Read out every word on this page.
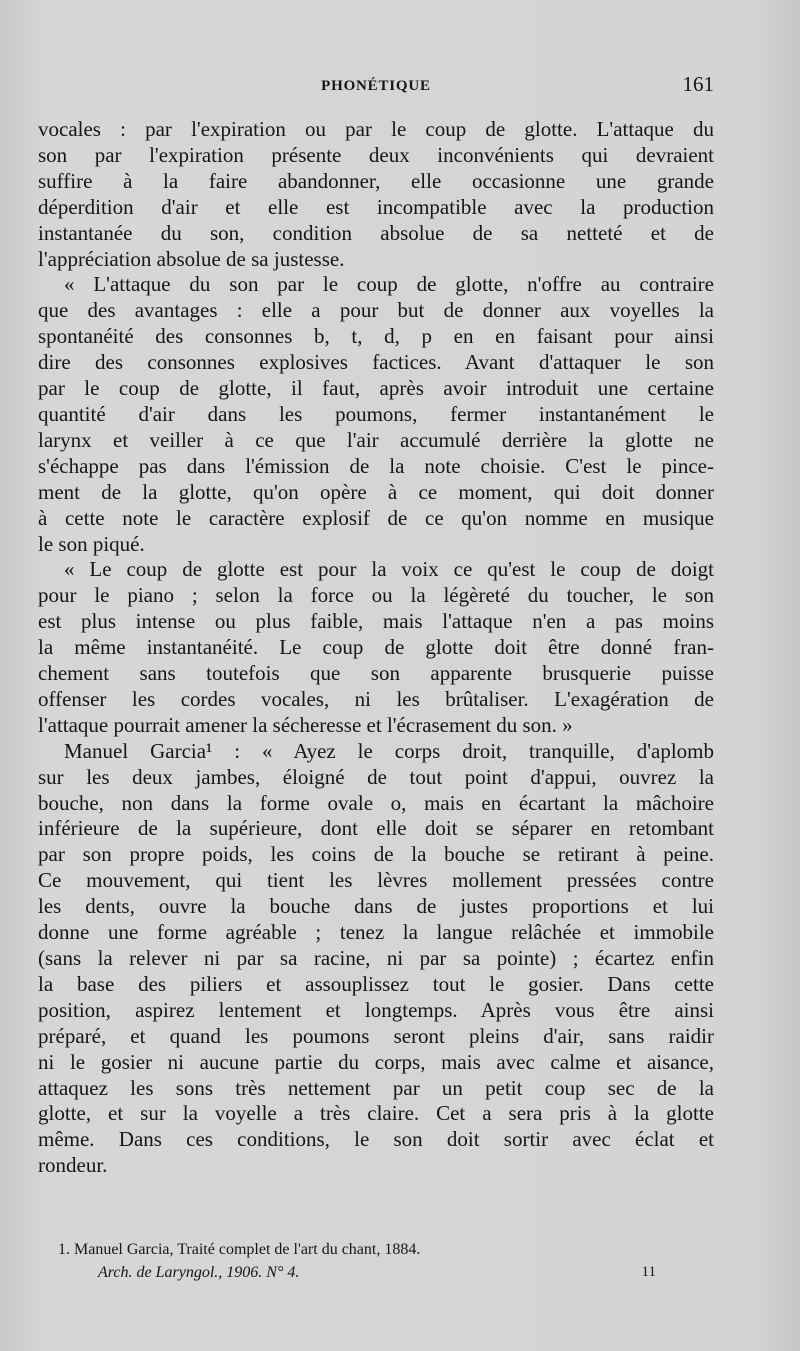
PHONÉTIQUE	161
vocales : par l'expiration ou par le coup de glotte. L'attaque du
son par l'expiration présente deux inconvénients qui devraient
suffire à la faire abandonner, elle occasionne une grande
déperdition d'air et elle est incompatible avec la production
instantanée du son, condition absolue de sa netteté et de
l'appréciation absolue de sa justesse.
« L'attaque du son par le coup de glotte, n'offre au contraire
que des avantages : elle a pour but de donner aux voyelles la
spontanéité des consonnes b, t, d, p en en faisant pour ainsi
dire des consonnes explosives factices. Avant d'attaquer le son
par le coup de glotte, il faut, après avoir introduit une certaine
quantité d'air dans les poumons, fermer instantanément le
larynx et veiller à ce que l'air accumulé derrière la glotte ne
s'échappe pas dans l'émission de la note choisie. C'est le pince-
ment de la glotte, qu'on opère à ce moment, qui doit donner
à cette note le caractère explosif de ce qu'on nomme en musique
le son piqué.
« Le coup de glotte est pour la voix ce qu'est le coup de doigt
pour le piano ; selon la force ou la légèreté du toucher, le son
est plus intense ou plus faible, mais l'attaque n'en a pas moins
la même instantanéité. Le coup de glotte doit être donné fran-
chement sans toutefois que son apparente brusquerie puisse
offenser les cordes vocales, ni les brûtaliser. L'exagération de
l'attaque pourrait amener la sécheresse et l'écrasement du son. »
Manuel Garcia¹ : « Ayez le corps droit, tranquille, d'aplomb
sur les deux jambes, éloigné de tout point d'appui, ouvrez la
bouche, non dans la forme ovale o, mais en écartant la mâchoire
inférieure de la supérieure, dont elle doit se séparer en retombant
par son propre poids, les coins de la bouche se retirant à peine.
Ce mouvement, qui tient les lèvres mollement pressées contre
les dents, ouvre la bouche dans de justes proportions et lui
donne une forme agréable ; tenez la langue relâchée et immobile
(sans la relever ni par sa racine, ni par sa pointe) ; écartez enfin
la base des piliers et assouplissez tout le gosier. Dans cette
position, aspirez lentement et longtemps. Après vous être ainsi
préparé, et quand les poumons seront pleins d'air, sans raidir
ni le gosier ni aucune partie du corps, mais avec calme et aisance,
attaquez les sons très nettement par un petit coup sec de la
glotte, et sur la voyelle a très claire. Cet a sera pris à la glotte
même. Dans ces conditions, le son doit sortir avec éclat et
rondeur.
1. Manuel Garcia, Traité complet de l'art du chant, 1884.
Arch. de Laryngol., 1906. N° 4.	11
